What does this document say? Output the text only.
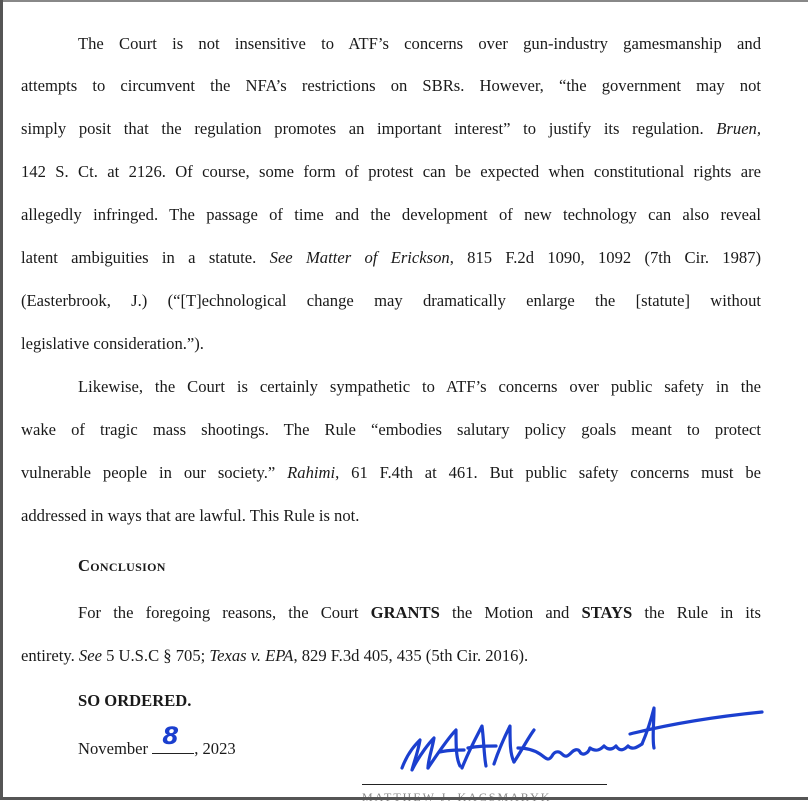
The Court is not insensitive to ATF’s concerns over gun-industry gamesmanship and
attempts to circumvent the NFA’s restrictions on SBRs. However, “the government may not
simply posit that the regulation promotes an important interest” to justify its regulation. Bruen,
142 S. Ct. at 2126. Of course, some form of protest can be expected when constitutional rights are
allegedly infringed. The passage of time and the development of new technology can also reveal
latent ambiguities in a statute. See Matter of Erickson, 815 F.2d 1090, 1092 (7th Cir. 1987)
(Easterbrook, J.) (“[T]echnological change may dramatically enlarge the [statute] without
legislative consideration.”).
Likewise, the Court is certainly sympathetic to ATF’s concerns over public safety in the
wake of tragic mass shootings. The Rule “embodies salutary policy goals meant to protect
vulnerable people in our society.” Rahimi, 61 F.4th at 461. But public safety concerns must be
addressed in ways that are lawful. This Rule is not.
Conclusion
For the foregoing reasons, the Court GRANTS the Motion and STAYS the Rule in its
entirety. See 5 U.S.C § 705; Texas v. EPA, 829 F.3d 405, 435 (5th Cir. 2016).
SO ORDERED.
November 8 , 2023
